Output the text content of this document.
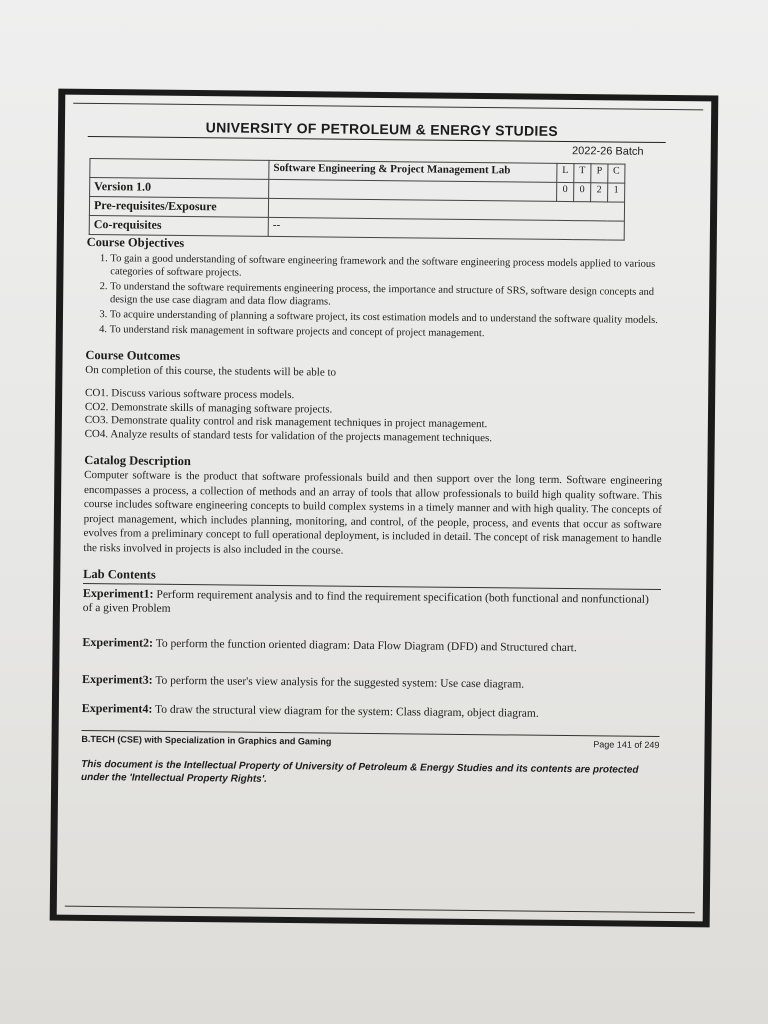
UNIVERSITY OF PETROLEUM & ENERGY STUDIES
2022-26 Batch
	Software Engineering & Project Management Lab	L	T	P	C
Version 1.0		0	0	2	1
Pre-requisites/Exposure					
Co-requisites	--				

Course Objectives

1. To gain a good understanding of software engineering framework and the software engineering process models applied to various categories of software projects.
2. To understand the software requirements engineering process, the importance and structure of SRS, software design concepts and design the use case diagram and data flow diagrams.
3. To acquire understanding of planning a software project, its cost estimation models and to understand the software quality models.
4. To understand risk management in software projects and concept of project management.

Course Outcomes

On completion of this course, the students will be able to

CO1. Discuss various software process models.
CO2. Demonstrate skills of managing software projects.
CO3. Demonstrate quality control and risk management techniques in project management.
CO4. Analyze results of standard tests for validation of the projects management techniques.

Catalog Description

Computer software is the product that software professionals build and then support over the long term. Software engineering encompasses a process, a collection of methods and an array of tools that allow professionals to build high quality software. This course includes software engineering concepts to build complex systems in a timely manner and with high quality. The concepts of project management, which includes planning, monitoring, and control, of the people, process, and events that occur as software evolves from a preliminary concept to full operational deployment, is included in detail. The concept of risk management to handle the risks involved in projects is also included in the course.

Lab Contents

Experiment1: Perform requirement analysis and to find the requirement specification (both functional and nonfunctional) of a given Problem

Experiment2: To perform the function oriented diagram: Data Flow Diagram (DFD) and Structured chart.

Experiment3: To perform the user's view analysis for the suggested system: Use case diagram.

Experiment4: To draw the structural view diagram for the system: Class diagram, object diagram.

B.TECH (CSE) with Specialization in Graphics and Gaming	Page 141 of 249
This document is the Intellectual Property of University of Petroleum & Energy Studies and its contents are protected under the 'Intellectual Property Rights'.
